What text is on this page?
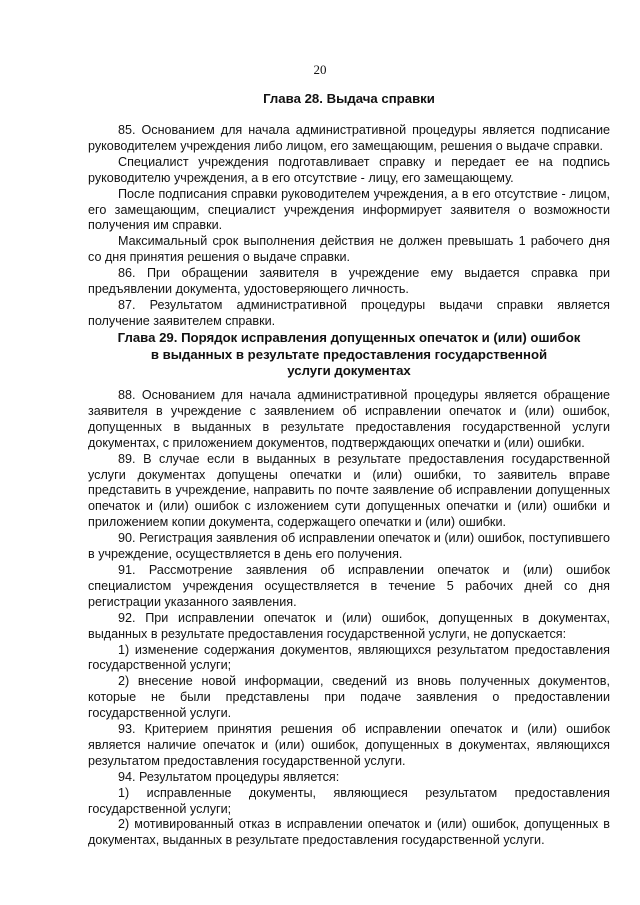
20
Глава 28. Выдача справки

85. Основанием для начала административной процедуры является подписание руководителем учреждения либо лицом, его замещающим, решения о выдаче справки.

Специалист учреждения подготавливает справку и передает ее на подпись руководителю учреждения, а в его отсутствие - лицу, его замещающему.

После подписания справки руководителем учреждения, а в его отсутствие - лицом, его замещающим, специалист учреждения информирует заявителя о возможности получения им справки.

Максимальный срок выполнения действия не должен превышать 1 рабочего дня со дня принятия решения о выдаче справки.

86. При обращении заявителя в учреждение ему выдается справка при предъявлении документа, удостоверяющего личность.

87. Результатом административной процедуры выдачи справки является получение заявителем справки.

Глава 29. Порядок исправления допущенных опечаток и (или) ошибок
в выданных в результате предоставления государственной
услуги документах

88. Основанием для начала административной процедуры является обращение заявителя в учреждение с заявлением об исправлении опечаток и (или) ошибок, допущенных в выданных в результате предоставления государственной услуги документах, с приложением документов, подтверждающих опечатки и (или) ошибки.

89. В случае если в выданных в результате предоставления государственной услуги документах допущены опечатки и (или) ошибки, то заявитель вправе представить в учреждение, направить по почте заявление об исправлении допущенных опечаток и (или) ошибок с изложением сути допущенных опечатки и (или) ошибки и приложением копии документа, содержащего опечатки и (или) ошибки.

90. Регистрация заявления об исправлении опечаток и (или) ошибок, поступившего в учреждение, осуществляется в день его получения.

91. Рассмотрение заявления об исправлении опечаток и (или) ошибок специалистом учреждения осуществляется в течение 5 рабочих дней со дня регистрации указанного заявления.

92. При исправлении опечаток и (или) ошибок, допущенных в документах, выданных в результате предоставления государственной услуги, не допускается:

1) изменение содержания документов, являющихся результатом предоставления государственной услуги;

2) внесение новой информации, сведений из вновь полученных документов, которые не были представлены при подаче заявления о предоставлении государственной услуги.

93. Критерием принятия решения об исправлении опечаток и (или) ошибок является наличие опечаток и (или) ошибок, допущенных в документах, являющихся результатом предоставления государственной услуги.

94. Результатом процедуры является:

1) исправленные документы, являющиеся результатом предоставления государственной услуги;

2) мотивированный отказ в исправлении опечаток и (или) ошибок, допущенных в документах, выданных в результате предоставления государственной услуги.
